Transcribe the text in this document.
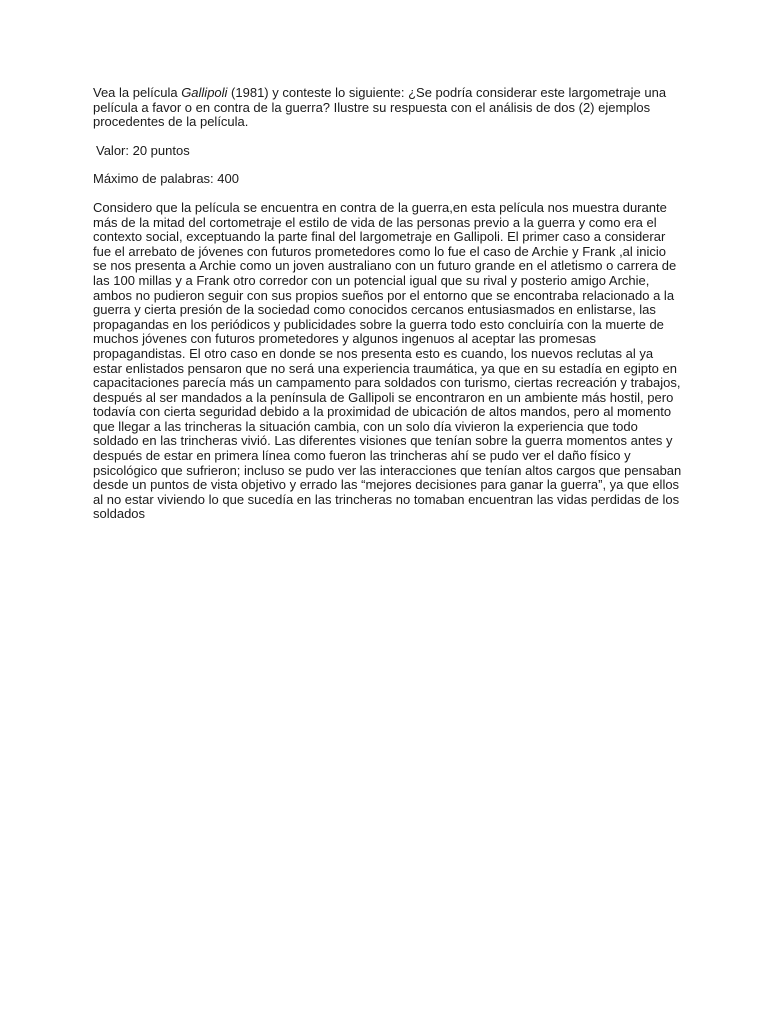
Vea la película Gallipoli (1981) y conteste lo siguiente: ¿Se podría considerar este largometraje una película a favor o en contra de la guerra? Ilustre su respuesta con el análisis de dos (2) ejemplos procedentes de la película.

Valor: 20 puntos

Máximo de palabras: 400

Considero que la película se encuentra en contra de la guerra,en esta película nos muestra durante más de la mitad del cortometraje el estilo de vida de las personas previo a la guerra y como era el contexto social, exceptuando la parte final del largometraje en Gallipoli. El primer caso a considerar fue el arrebato de jóvenes con futuros prometedores como lo fue el caso de Archie y Frank ,al inicio se nos presenta a Archie como un joven australiano con un futuro grande en el atletismo o carrera de las 100 millas y a Frank otro corredor con un potencial igual que su rival y posterio amigo Archie, ambos no pudieron seguir con sus propios sueños por el entorno que se encontraba relacionado a la guerra y cierta presión de la sociedad como conocidos cercanos entusiasmados en enlistarse, las propagandas en los periódicos y publicidades sobre la guerra todo esto concluiría con la muerte de muchos jóvenes con futuros prometedores y algunos ingenuos al aceptar las promesas propagandistas. El otro caso en donde se nos presenta esto es cuando, los nuevos reclutas al ya estar enlistados pensaron que no será una experiencia traumática, ya que en su estadía en egipto en capacitaciones parecía más un campamento para soldados con turismo, ciertas recreación y trabajos, después al ser mandados a la península de Gallipoli se encontraron en un ambiente más hostil, pero todavía con cierta seguridad debido a la proximidad de ubicación de altos mandos, pero al momento que llegar a las trincheras la situación cambia, con un solo día vivieron la experiencia que todo soldado en las trincheras vivió. Las diferentes visiones que tenían sobre la guerra momentos antes y después de estar en primera línea como fueron las trincheras ahí se pudo ver el daño físico y psicológico que sufrieron; incluso se pudo ver las interacciones que tenían altos cargos que pensaban desde un puntos de vista objetivo y errado las “mejores decisiones para ganar la guerra”, ya que ellos al no estar viviendo lo que sucedía en las trincheras no tomaban encuentran las vidas perdidas de los soldados
